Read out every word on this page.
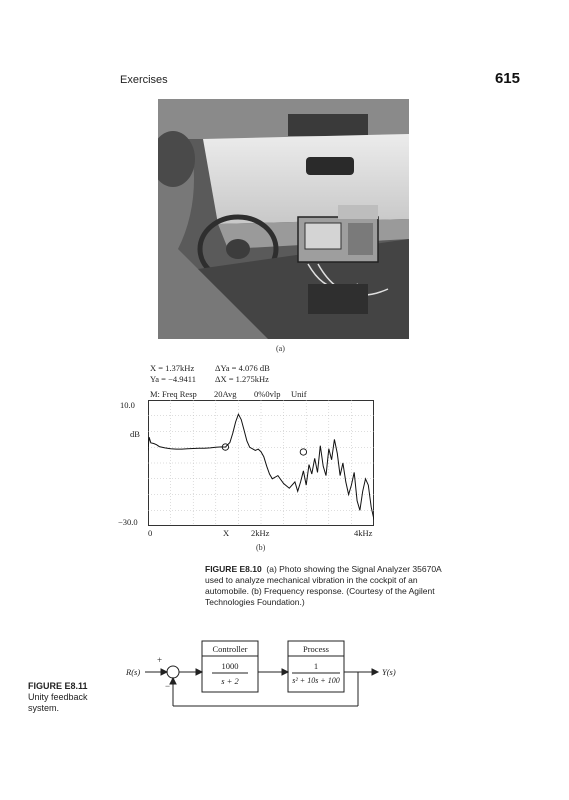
Exercises	615
(a)
X = 1.37kHz
Ya = −4.9411
ΔYa = 4.076 dB
ΔX = 1.275kHz
M: Freq Resp 20Avg 0%0vlp Unif
10.0
dB
−30.0
0	X	2kHz	4kHz
(b)
FIGURE E8.10 (a) Photo showing the Signal Analyzer 35670A used to analyze mechanical vibration in the cockpit of an automobile. (b) Frequency response. (Courtesy of the Agilent Technologies Foundation.)
R(s)
+
−
Controller
1000
s + 2
Process
1
s² + 10s + 100
Y(s)
FIGURE E8.11
Unity feedback system.
